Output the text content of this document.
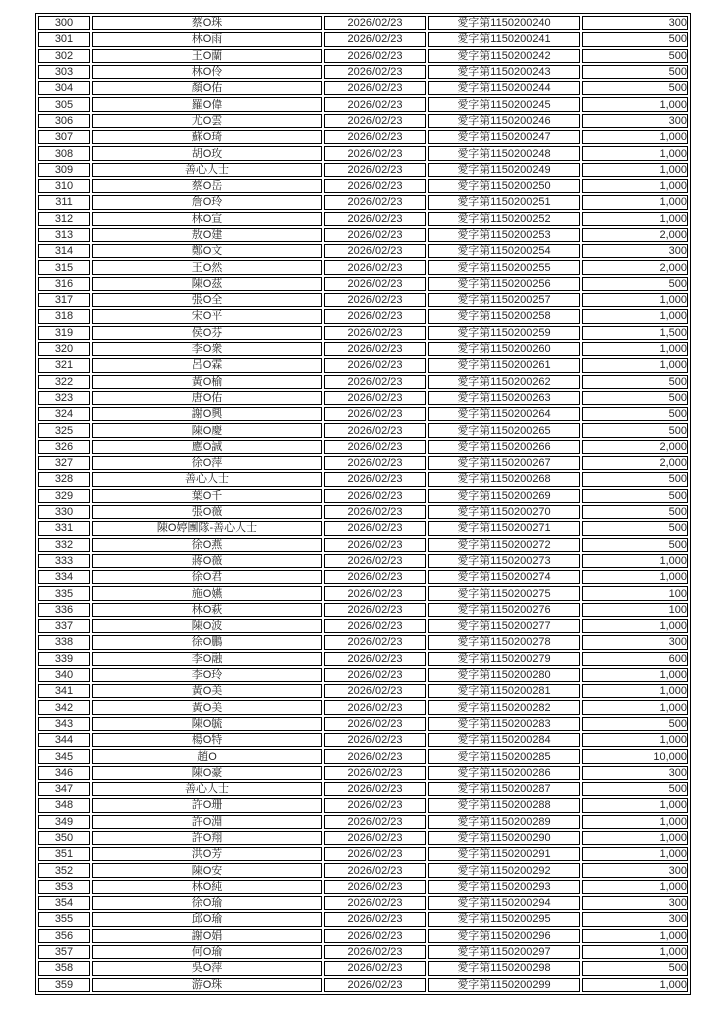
300	蔡O珠	2026/02/23	愛字第1150200240	300
301	林O雨	2026/02/23	愛字第1150200241	500
302	王O蘭	2026/02/23	愛字第1150200242	500
303	林O伶	2026/02/23	愛字第1150200243	500
304	顏O佑	2026/02/23	愛字第1150200244	500
305	羅O偉	2026/02/23	愛字第1150200245	1,000
306	尤O雲	2026/02/23	愛字第1150200246	300
307	蘇O琦	2026/02/23	愛字第1150200247	1,000
308	胡O玫	2026/02/23	愛字第1150200248	1,000
309	善心人士	2026/02/23	愛字第1150200249	1,000
310	蔡O岳	2026/02/23	愛字第1150200250	1,000
311	詹O玲	2026/02/23	愛字第1150200251	1,000
312	林O宣	2026/02/23	愛字第1150200252	1,000
313	敖O建	2026/02/23	愛字第1150200253	2,000
314	鄭O文	2026/02/23	愛字第1150200254	300
315	王O然	2026/02/23	愛字第1150200255	2,000
316	陳O茲	2026/02/23	愛字第1150200256	500
317	張O全	2026/02/23	愛字第1150200257	1,000
318	宋O平	2026/02/23	愛字第1150200258	1,000
319	侯O芬	2026/02/23	愛字第1150200259	1,500
320	李O衆	2026/02/23	愛字第1150200260	1,000
321	呂O霖	2026/02/23	愛字第1150200261	1,000
322	黃O榆	2026/02/23	愛字第1150200262	500
323	唐O佑	2026/02/23	愛字第1150200263	500
324	謝O興	2026/02/23	愛字第1150200264	500
325	陳O慶	2026/02/23	愛字第1150200265	500
326	應O誠	2026/02/23	愛字第1150200266	2,000
327	徐O萍	2026/02/23	愛字第1150200267	2,000
328	善心人士	2026/02/23	愛字第1150200268	500
329	葉O千	2026/02/23	愛字第1150200269	500
330	張O薇	2026/02/23	愛字第1150200270	500
331	陳O婷團隊-善心人士	2026/02/23	愛字第1150200271	500
332	徐O燕	2026/02/23	愛字第1150200272	500
333	蔣O薇	2026/02/23	愛字第1150200273	1,000
334	徐O君	2026/02/23	愛字第1150200274	1,000
335	施O嬿	2026/02/23	愛字第1150200275	100
336	林O萩	2026/02/23	愛字第1150200276	100
337	陳O波	2026/02/23	愛字第1150200277	1,000
338	徐O鵬	2026/02/23	愛字第1150200278	300
339	李O融	2026/02/23	愛字第1150200279	600
340	李O玲	2026/02/23	愛字第1150200280	1,000
341	黃O美	2026/02/23	愛字第1150200281	1,000
342	黃O美	2026/02/23	愛字第1150200282	1,000
343	陳O毓	2026/02/23	愛字第1150200283	500
344	楊O特	2026/02/23	愛字第1150200284	1,000
345	趙O	2026/02/23	愛字第1150200285	10,000
346	陳O豪	2026/02/23	愛字第1150200286	300
347	善心人士	2026/02/23	愛字第1150200287	500
348	許O珊	2026/02/23	愛字第1150200288	1,000
349	許O淵	2026/02/23	愛字第1150200289	1,000
350	許O翔	2026/02/23	愛字第1150200290	1,000
351	洪O芳	2026/02/23	愛字第1150200291	1,000
352	陳O安	2026/02/23	愛字第1150200292	300
353	林O純	2026/02/23	愛字第1150200293	1,000
354	徐O瑜	2026/02/23	愛字第1150200294	300
355	邱O瑜	2026/02/23	愛字第1150200295	300
356	謝O娟	2026/02/23	愛字第1150200296	1,000
357	何O瑜	2026/02/23	愛字第1150200297	1,000
358	吳O萍	2026/02/23	愛字第1150200298	500
359	游O珠	2026/02/23	愛字第1150200299	1,000
